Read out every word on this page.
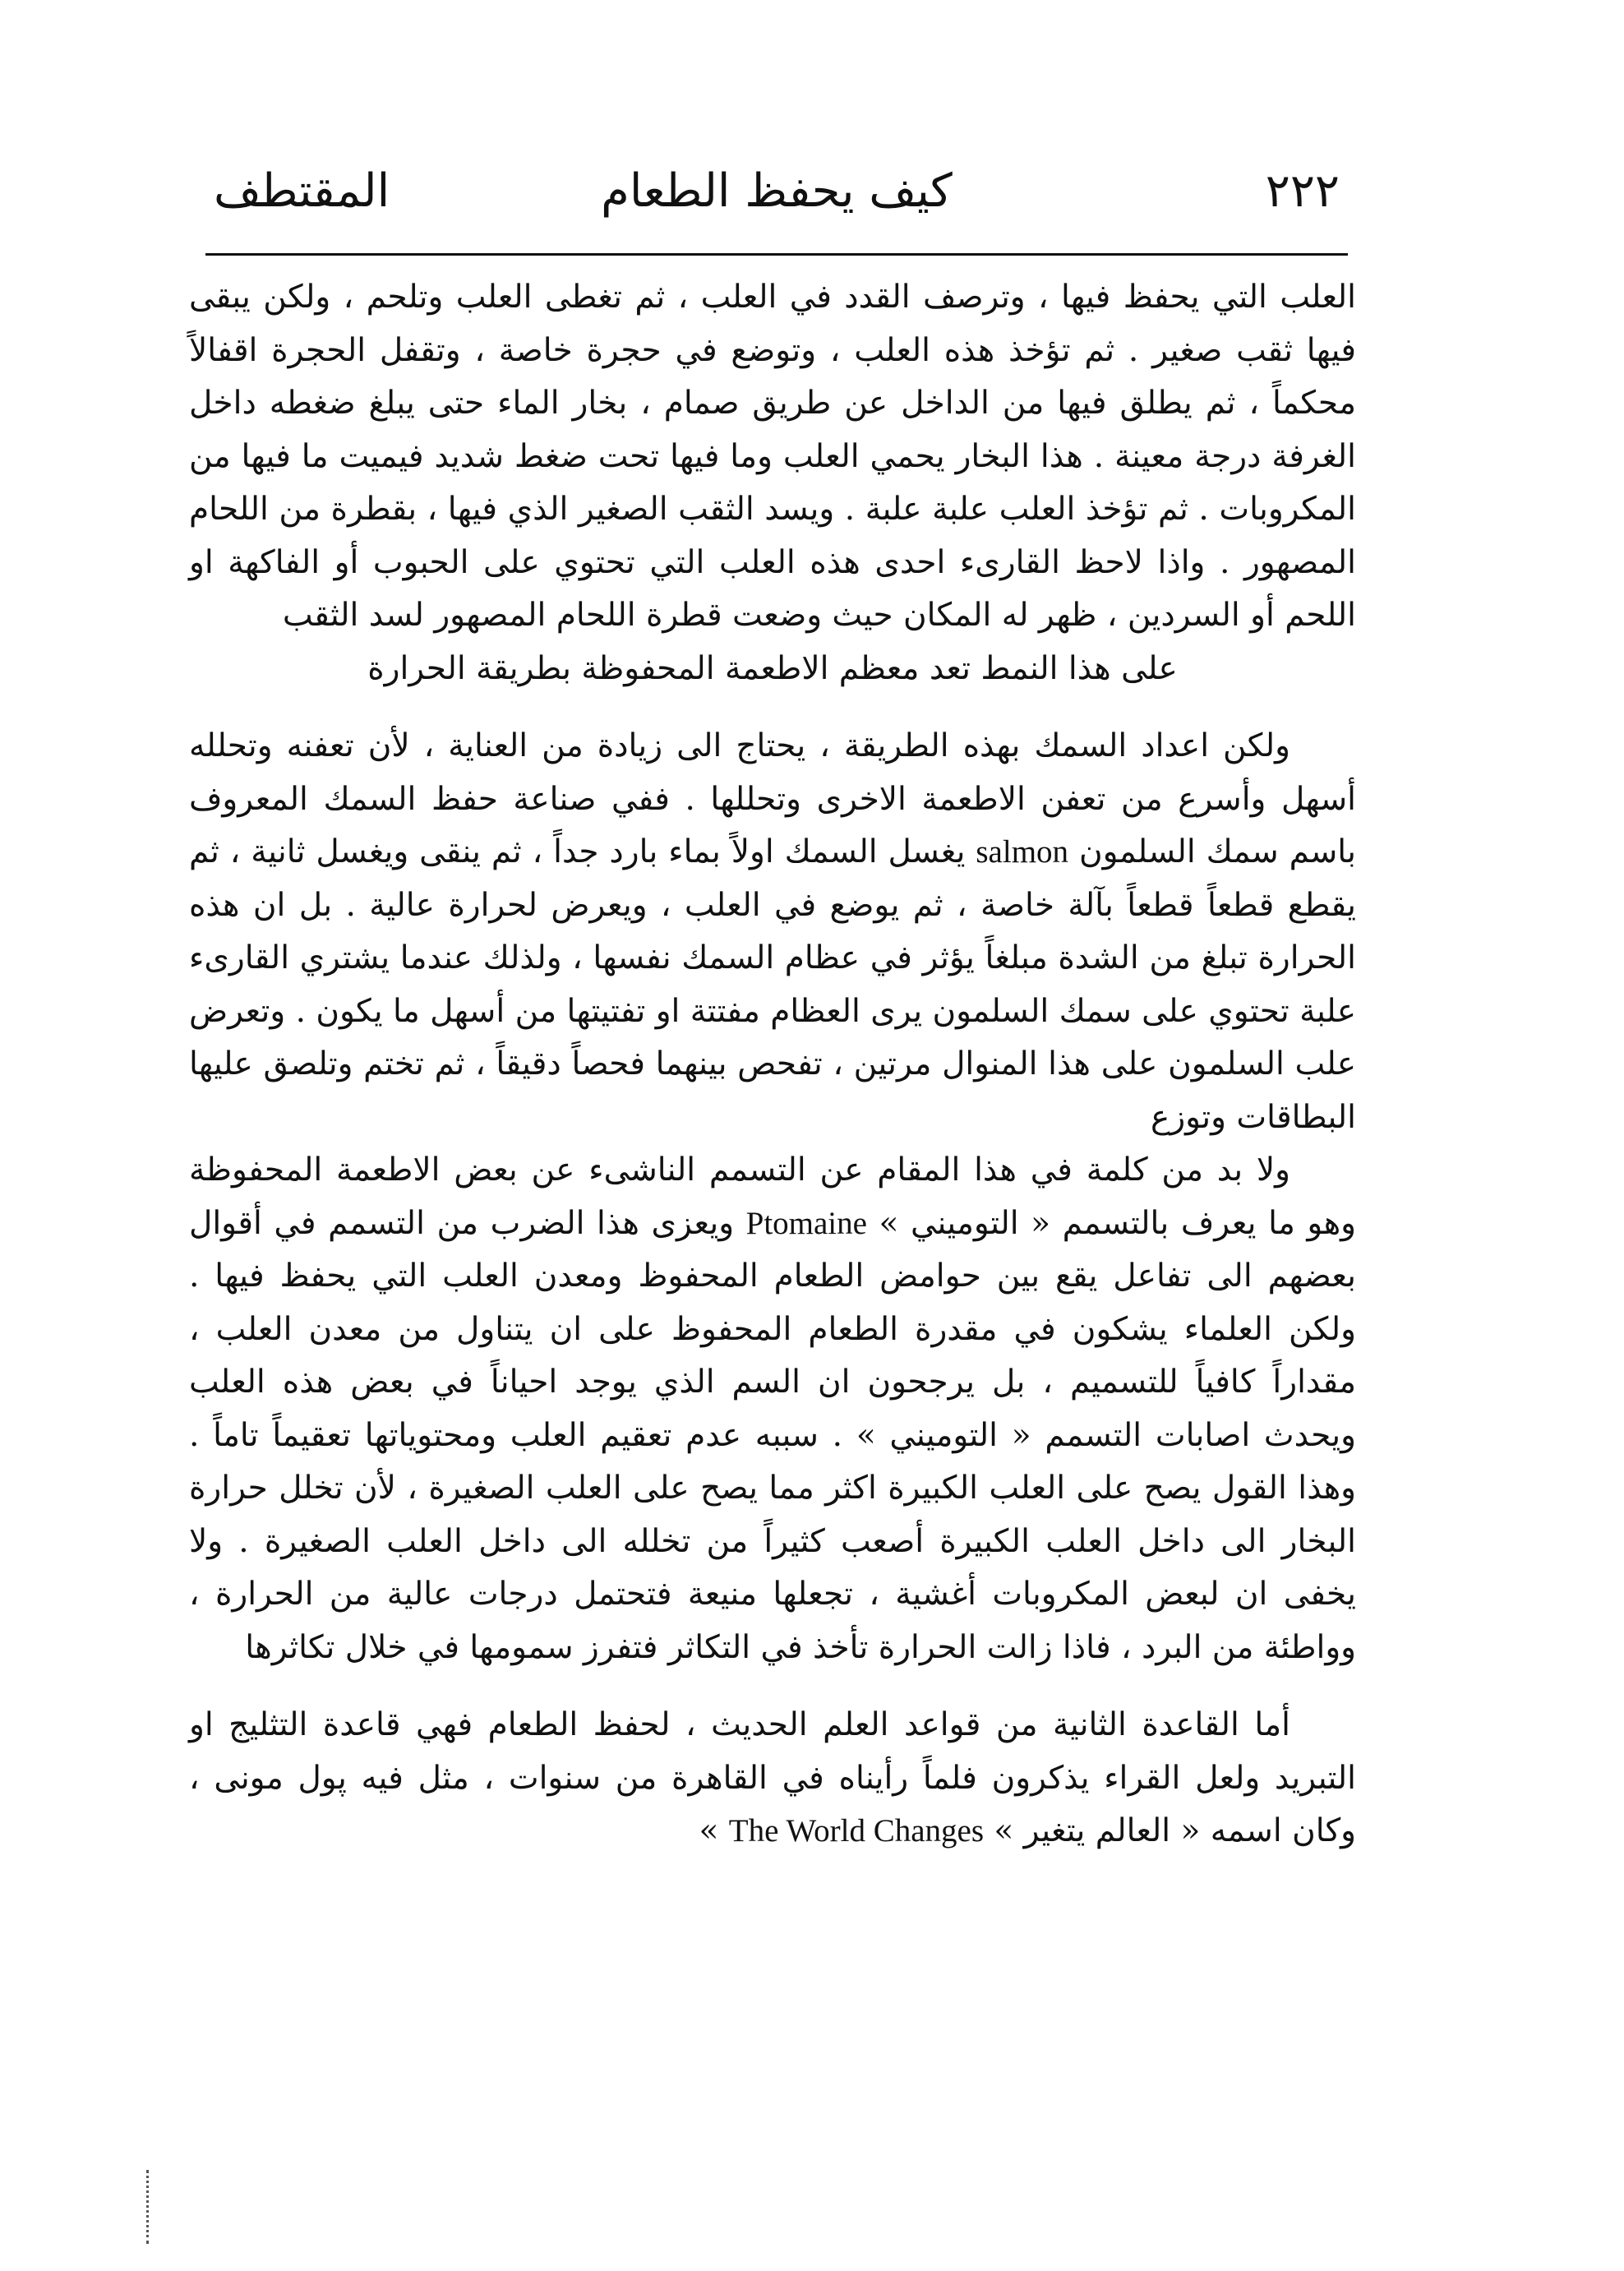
٢٢٢
كيف يحفظ الطعام
المقتطف

العلب التي يحفظ فيها ، وترصف القدد في العلب ، ثم تغطى العلب وتلحم ، ولكن يبقى فيها ثقب صغير . ثم تؤخذ هذه العلب ، وتوضع في حجرة خاصة ، وتقفل الحجرة اقفالاً محكماً ، ثم يطلق فيها من الداخل عن طريق صمام ، بخار الماء حتى يبلغ ضغطه داخل الغرفة درجة معينة . هذا البخار يحمي العلب وما فيها تحت ضغط شديد فيميت ما فيها من المكروبات . ثم تؤخذ العلب علبة علبة . ويسد الثقب الصغير الذي فيها ، بقطرة من اللحام المصهور . واذا لاحظ القارىء احدى هذه العلب التي تحتوي على الحبوب أو الفاكهة او اللحم أو السردين ، ظهر له المكان حيث وضعت قطرة اللحام المصهور لسد الثقب

على هذا النمط تعد معظم الاطعمة المحفوظة بطريقة الحرارة

ولكن اعداد السمك بهذه الطريقة ، يحتاج الى زيادة من العناية ، لأن تعفنه وتحلله أسهل وأسرع من تعفن الاطعمة الاخرى وتحللها . ففي صناعة حفظ السمك المعروف باسم سمك السلمون salmon يغسل السمك اولاً بماء بارد جداً ، ثم ينقى ويغسل ثانية ، ثم يقطع قطعاً قطعاً بآلة خاصة ، ثم يوضع في العلب ، ويعرض لحرارة عالية . بل ان هذه الحرارة تبلغ من الشدة مبلغاً يؤثر في عظام السمك نفسها ، ولذلك عندما يشتري القارىء علبة تحتوي على سمك السلمون يرى العظام مفتتة او تفتيتها من أسهل ما يكون . وتعرض علب السلمون على هذا المنوال مرتين ، تفحص بينهما فحصاً دقيقاً ، ثم تختم وتلصق عليها البطاقات وتوزع

ولا بد من كلمة في هذا المقام عن التسمم الناشىء عن بعض الاطعمة المحفوظة وهو ما يعرف بالتسمم « التوميني » Ptomaine ويعزى هذا الضرب من التسمم في أقوال بعضهم الى تفاعل يقع بين حوامض الطعام المحفوظ ومعدن العلب التي يحفظ فيها . ولكن العلماء يشكون في مقدرة الطعام المحفوظ على ان يتناول من معدن العلب ، مقداراً كافياً للتسميم ، بل يرجحون ان السم الذي يوجد احياناً في بعض هذه العلب ويحدث اصابات التسمم « التوميني » . سببه عدم تعقيم العلب ومحتوياتها تعقيماً تاماً . وهذا القول يصح على العلب الكبيرة اكثر مما يصح على العلب الصغيرة ، لأن تخلل حرارة البخار الى داخل العلب الكبيرة أصعب كثيراً من تخلله الى داخل العلب الصغيرة . ولا يخفى ان لبعض المكروبات أغشية ، تجعلها منيعة فتحتمل درجات عالية من الحرارة ، وواطئة من البرد ، فاذا زالت الحرارة تأخذ في التكاثر فتفرز سمومها في خلال تكاثرها

أما القاعدة الثانية من قواعد العلم الحديث ، لحفظ الطعام فهي قاعدة التثليج او التبريد ولعل القراء يذكرون فلماً رأيناه في القاهرة من سنوات ، مثل فيه پول مونى ، وكان اسمه « العالم يتغير » The World Changes »
